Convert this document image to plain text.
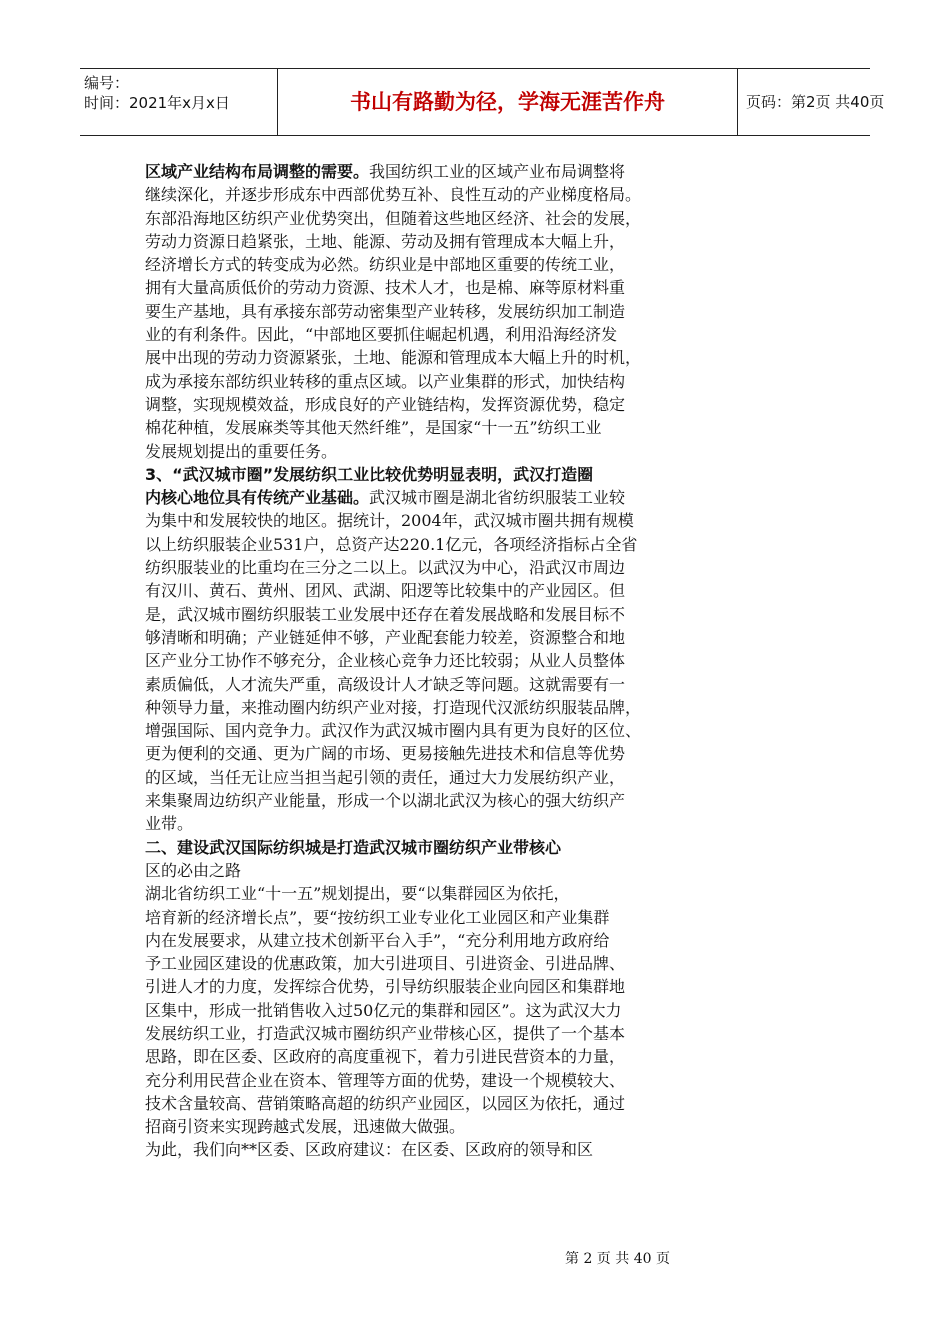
编号：
时间：2021年x月x日	书山有路勤为径，学海无涯苦作舟	页码：第2页 共40页
区域产业结构布局调整的需要。我国纺织工业的区域产业布局调整将
继续深化，并逐步形成东中西部优势互补、良性互动的产业梯度格局。
东部沿海地区纺织产业优势突出，但随着这些地区经济、社会的发展，
劳动力资源日趋紧张，土地、能源、劳动及拥有管理成本大幅上升，
经济增长方式的转变成为必然。纺织业是中部地区重要的传统工业，
拥有大量高质低价的劳动力资源、技术人才，也是棉、麻等原材料重
要生产基地，具有承接东部劳动密集型产业转移，发展纺织加工制造
业的有利条件。因此，“中部地区要抓住崛起机遇，利用沿海经济发
展中出现的劳动力资源紧张，土地、能源和管理成本大幅上升的时机，
成为承接东部纺织业转移的重点区域。以产业集群的形式，加快结构
调整，实现规模效益，形成良好的产业链结构，发挥资源优势，稳定
棉花种植，发展麻类等其他天然纤维”，是国家“十一五”纺织工业
发展规划提出的重要任务。
3、“武汉城市圈”发展纺织工业比较优势明显表明，武汉打造圈
内核心地位具有传统产业基础。武汉城市圈是湖北省纺织服装工业较
为集中和发展较快的地区。据统计，2004年，武汉城市圈共拥有规模
以上纺织服装企业531户，总资产达220.1亿元，各项经济指标占全省
纺织服装业的比重均在三分之二以上。以武汉为中心，沿武汉市周边
有汉川、黄石、黄州、团风、武湖、阳逻等比较集中的产业园区。但
是，武汉城市圈纺织服装工业发展中还存在着发展战略和发展目标不
够清晰和明确；产业链延伸不够，产业配套能力较差，资源整合和地
区产业分工协作不够充分，企业核心竞争力还比较弱；从业人员整体
素质偏低，人才流失严重，高级设计人才缺乏等问题。这就需要有一
种领导力量，来推动圈内纺织产业对接，打造现代汉派纺织服装品牌，
增强国际、国内竞争力。武汉作为武汉城市圈内具有更为良好的区位、
更为便利的交通、更为广阔的市场、更易接触先进技术和信息等优势
的区域，当任无让应当担当起引领的责任，通过大力发展纺织产业，
来集聚周边纺织产业能量，形成一个以湖北武汉为核心的强大纺织产
业带。
二、建设武汉国际纺织城是打造武汉城市圈纺织产业带核心
区的必由之路
湖北省纺织工业“十一五”规划提出，要“以集群园区为依托，
培育新的经济增长点”，要“按纺织工业专业化工业园区和产业集群
内在发展要求，从建立技术创新平台入手”，“充分利用地方政府给
予工业园区建设的优惠政策，加大引进项目、引进资金、引进品牌、
引进人才的力度，发挥综合优势，引导纺织服装企业向园区和集群地
区集中，形成一批销售收入过50亿元的集群和园区”。这为武汉大力
发展纺织工业，打造武汉城市圈纺织产业带核心区，提供了一个基本
思路，即在区委、区政府的高度重视下，着力引进民营资本的力量，
充分利用民营企业在资本、管理等方面的优势，建设一个规模较大、
技术含量较高、营销策略高超的纺织产业园区，以园区为依托，通过
招商引资来实现跨越式发展，迅速做大做强。
为此，我们向**区委、区政府建议：在区委、区政府的领导和区
第 2 页 共 40 页
